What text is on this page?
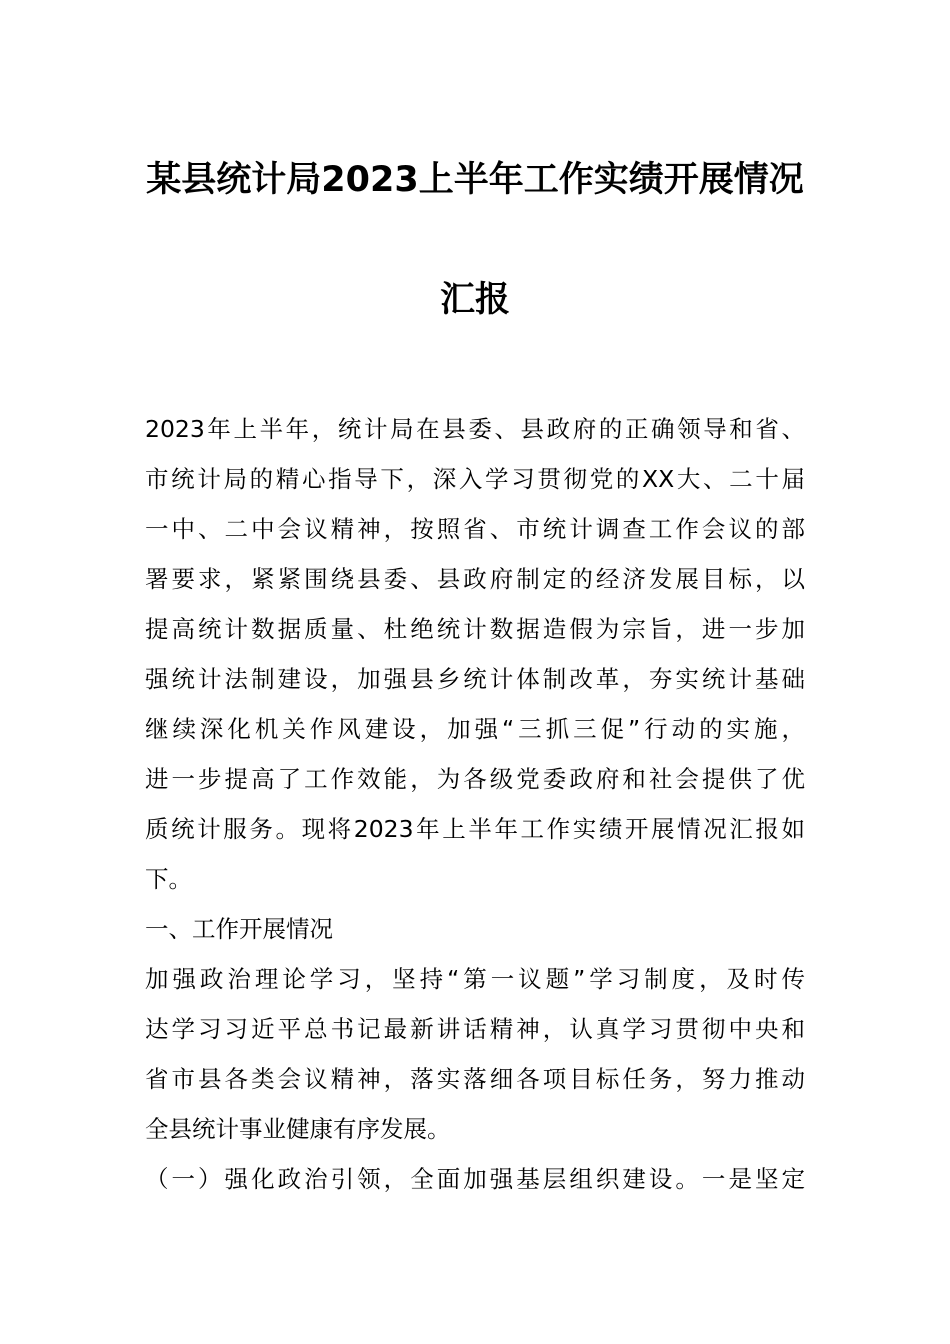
某县统计局2023上半年工作实绩开展情况
汇报
2023年上半年，统计局在县委、县政府的正确领导和省、
市统计局的精心指导下，深入学习贯彻党的XX大、二十届
一中、二中会议精神，按照省、市统计调查工作会议的部
署要求，紧紧围绕县委、县政府制定的经济发展目标，以
提高统计数据质量、杜绝统计数据造假为宗旨，进一步加
强统计法制建设，加强县乡统计体制改革，夯实统计基础
继续深化机关作风建设，加强“三抓三促”行动的实施，
进一步提高了工作效能，为各级党委政府和社会提供了优
质统计服务。现将2023年上半年工作实绩开展情况汇报如
下。
一、工作开展情况
加强政治理论学习，坚持“第一议题”学习制度，及时传
达学习习近平总书记最新讲话精神，认真学习贯彻中央和
省市县各类会议精神，落实落细各项目标任务，努力推动
全县统计事业健康有序发展。
（一）强化政治引领，全面加强基层组织建设。一是坚定
